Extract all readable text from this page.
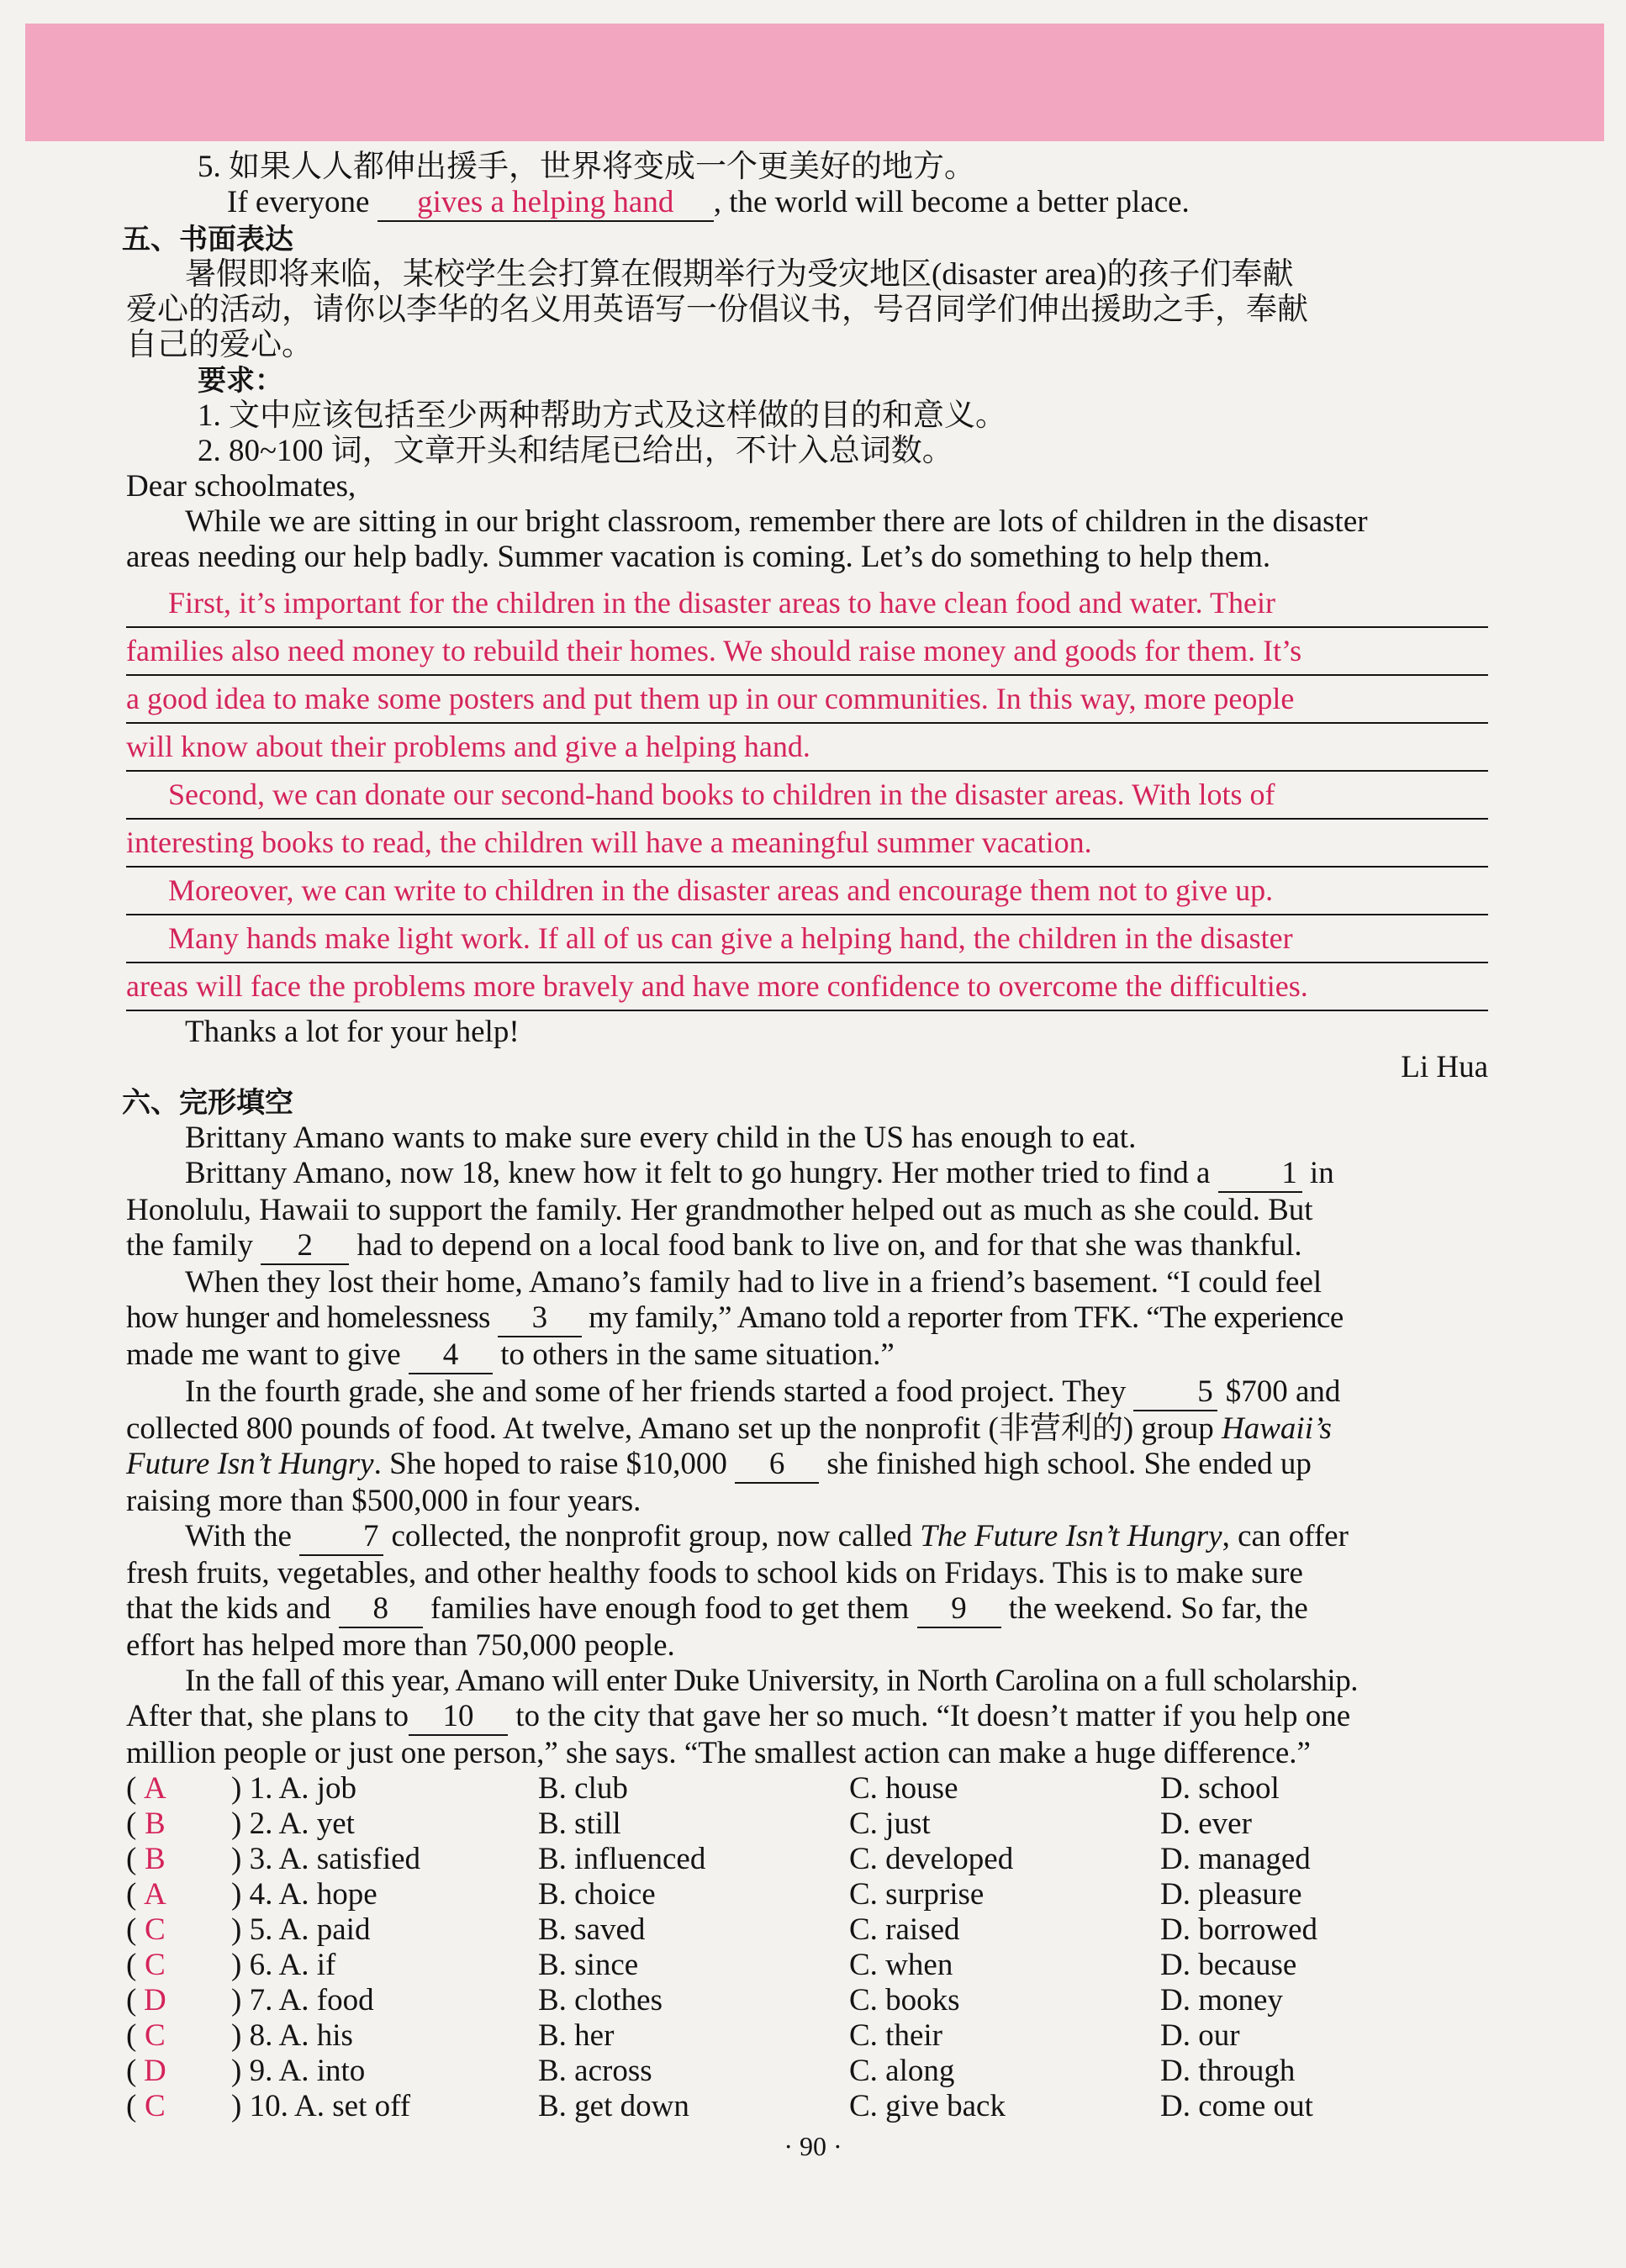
5. 如果人人都伸出援手，世界将变成一个更美好的地方。
If everyone gives a helping hand , the world will become a better place.
五、书面表达
暑假即将来临，某校学生会打算在假期举行为受灾地区(disaster area)的孩子们奉献
爱心的活动，请你以李华的名义用英语写一份倡议书，号召同学们伸出援助之手，奉献
自己的爱心。
要求：
1. 文中应该包括至少两种帮助方式及这样做的目的和意义。
2. 80~100 词，文章开头和结尾已给出，不计入总词数。
Dear schoolmates,
While we are sitting in our bright classroom, remember there are lots of children in the disaster
areas needing our help badly. Summer vacation is coming. Let’s do something to help them.
First, it’s important for the children in the disaster areas to have clean food and water. Their
families also need money to rebuild their homes. We should raise money and goods for them. It’s
a good idea to make some posters and put them up in our communities. In this way, more people
will know about their problems and give a helping hand.
Second, we can donate our second-hand books to children in the disaster areas. With lots of
interesting books to read, the children will have a meaningful summer vacation.
Moreover, we can write to children in the disaster areas and encourage them not to give up.
Many hands make light work. If all of us can give a helping hand, the children in the disaster
areas will face the problems more bravely and have more confidence to overcome the difficulties.
Thanks a lot for your help!
Li Hua
六、完形填空
Brittany Amano wants to make sure every child in the US has enough to eat.
Brittany Amano, now 18, knew how it felt to go hungry. Her mother tried to find a 1 in
Honolulu, Hawaii to support the family. Her grandmother helped out as much as she could. But
the family 2 had to depend on a local food bank to live on, and for that she was thankful.
When they lost their home, Amano’s family had to live in a friend’s basement. “I could feel
how hunger and homelessness 3 my family,” Amano told a reporter from TFK. “The experience
made me want to give 4 to others in the same situation.”
In the fourth grade, she and some of her friends started a food project. They 5 $700 and
collected 800 pounds of food. At twelve, Amano set up the nonprofit (非营利的) group Hawaii’s
Future Isn’t Hungry. She hoped to raise $10,000 6 she finished high school. She ended up
raising more than $500,000 in four years.
With the 7 collected, the nonprofit group, now called The Future Isn’t Hungry, can offer
fresh fruits, vegetables, and other healthy foods to school kids on Fridays. This is to make sure
that the kids and 8 families have enough food to get them 9 the weekend. So far, the
effort has helped more than 750,000 people.
In the fall of this year, Amano will enter Duke University, in North Carolina on a full scholarship.
After that, she plans to 10 to the city that gave her so much. “It doesn’t matter if you help one
million people or just one person,” she says. “The smallest action can make a huge difference.”
( A	) 1. A. job	B. club	C. house	D. school
( B	) 2. A. yet	B. still	C. just	D. ever
( B	) 3. A. satisfied	B. influenced	C. developed	D. managed
( A	) 4. A. hope	B. choice	C. surprise	D. pleasure
( C	) 5. A. paid	B. saved	C. raised	D. borrowed
( C	) 6. A. if	B. since	C. when	D. because
( D	) 7. A. food	B. clothes	C. books	D. money
( C	) 8. A. his	B. her	C. their	D. our
( D	) 9. A. into	B. across	C. along	D. through
( C	) 10. A. set off	B. get down	C. give back	D. come out
· 90 ·
